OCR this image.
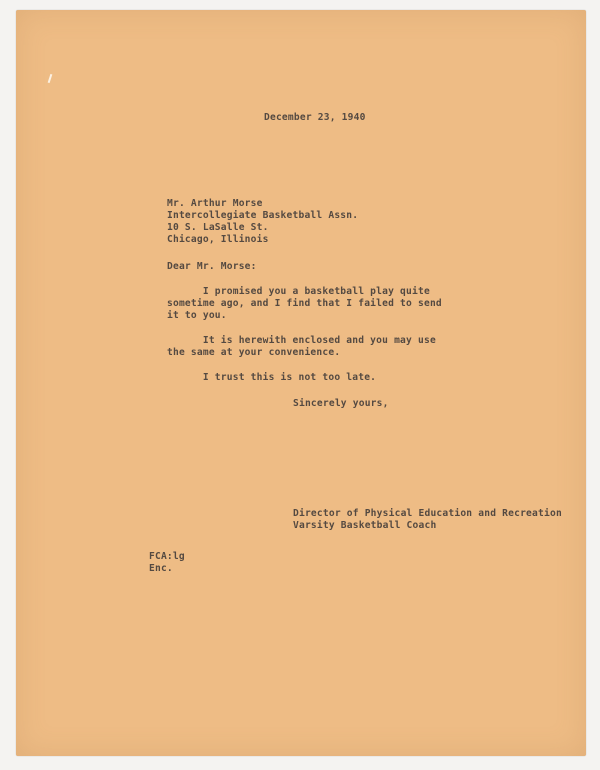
December 23, 1940
Mr. Arthur Morse
Intercollegiate Basketball Assn.
10 S. LaSalle St.
Chicago, Illinois
Dear Mr. Morse:
I promised you a basketball play quite
sometime ago, and I find that I failed to send
it to you.
It is herewith enclosed and you may use
the same at your convenience.
I trust this is not too late.
Sincerely yours,
Director of Physical Education and Recreation
Varsity Basketball Coach
FCA:lg
Enc.
